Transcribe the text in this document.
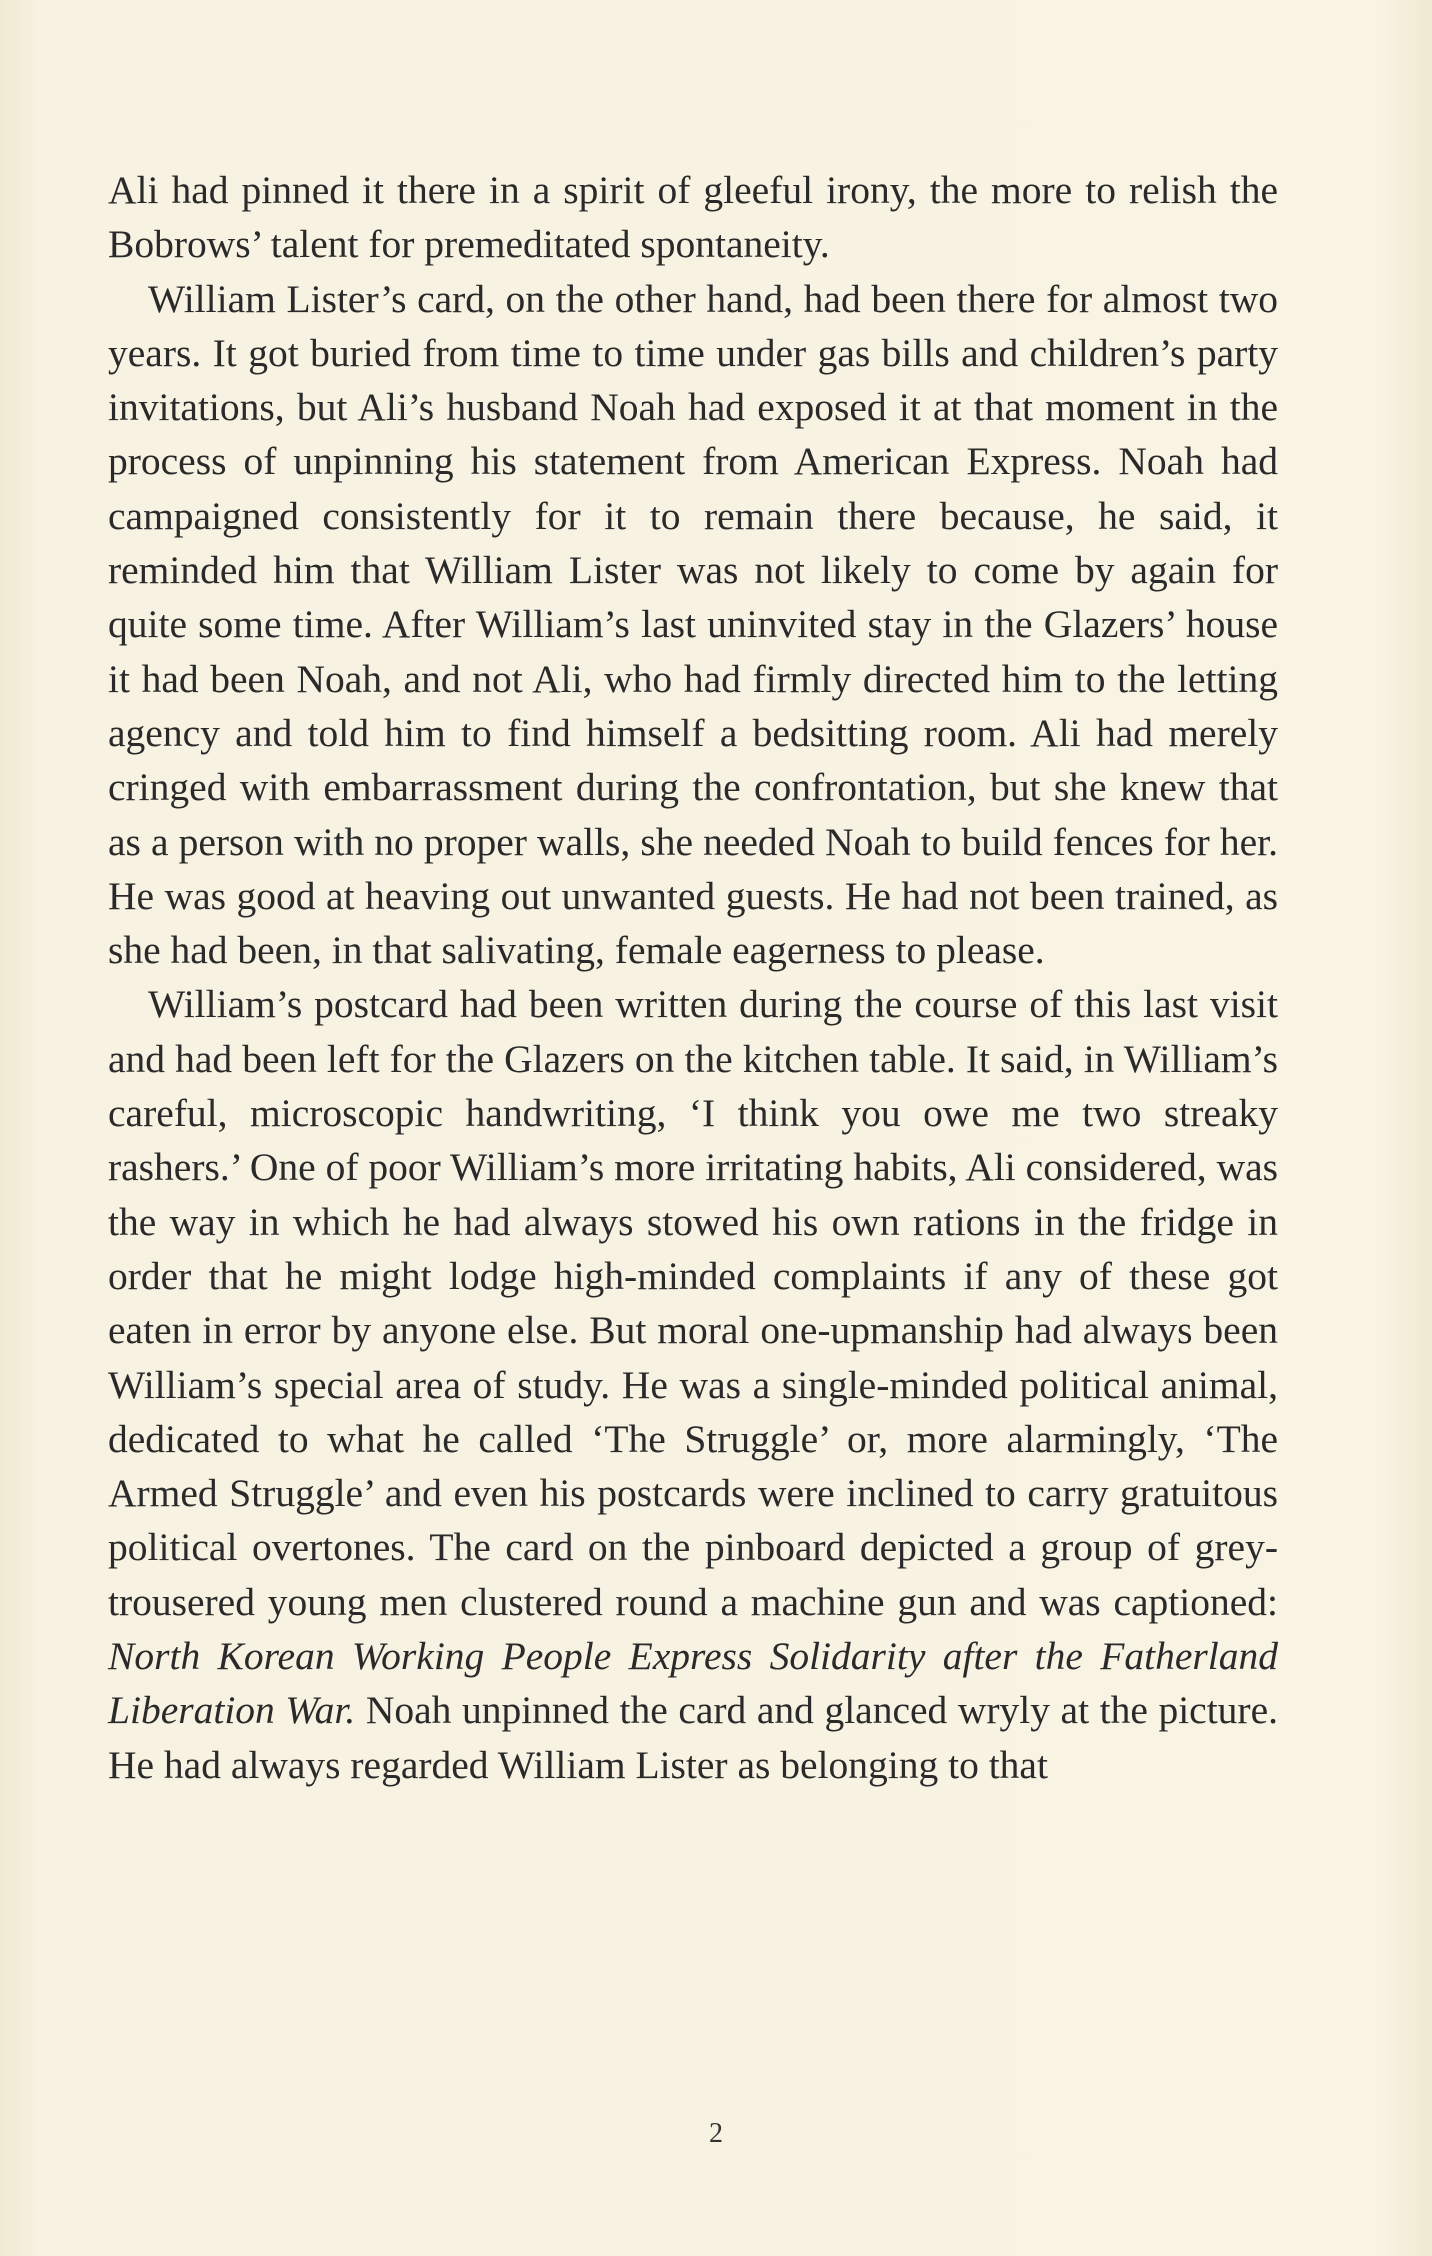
Ali had pinned it there in a spirit of gleeful irony, the more to relish the Bobrows’ talent for premeditated spontaneity.

William Lister’s card, on the other hand, had been there for almost two years. It got buried from time to time under gas bills and children’s party invitations, but Ali’s husband Noah had exposed it at that moment in the process of unpinning his statement from American Express. Noah had campaigned consistently for it to remain there because, he said, it reminded him that William Lister was not likely to come by again for quite some time. After William’s last uninvited stay in the Glazers’ house it had been Noah, and not Ali, who had firmly directed him to the letting agency and told him to find himself a bedsitting room. Ali had merely cringed with embarrassment during the confrontation, but she knew that as a person with no proper walls, she needed Noah to build fences for her. He was good at heaving out unwanted guests. He had not been trained, as she had been, in that salivating, female eagerness to please.

William’s postcard had been written during the course of this last visit and had been left for the Glazers on the kitchen table. It said, in William’s careful, microscopic handwriting, ‘I think you owe me two streaky rashers.’ One of poor William’s more irritating habits, Ali considered, was the way in which he had always stowed his own rations in the fridge in order that he might lodge high-minded complaints if any of these got eaten in error by anyone else. But moral one-upmanship had always been William’s special area of study. He was a single-minded political animal, dedicated to what he called ‘The Struggle’ or, more alarmingly, ‘The Armed Struggle’ and even his postcards were inclined to carry gratuitous political overtones. The card on the pinboard depicted a group of grey-trousered young men clustered round a machine gun and was captioned: North Korean Working People Express Solidarity after the Fatherland Liberation War. Noah unpinned the card and glanced wryly at the picture. He had always regarded William Lister as belonging to that

2
